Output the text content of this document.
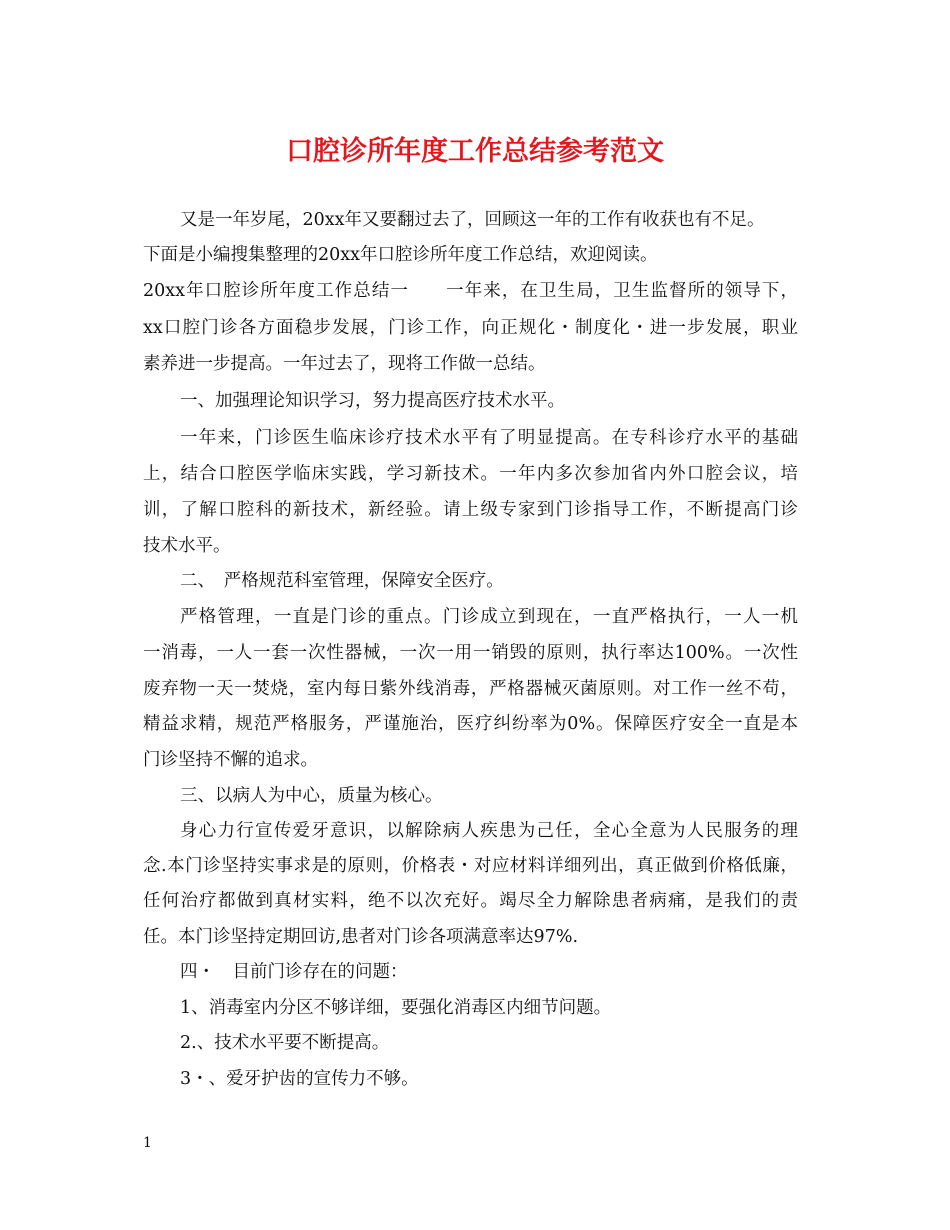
口腔诊所年度工作总结参考范文
又是一年岁尾，20xx年又要翻过去了，回顾这一年的工作有收获也有不足。
下面是小编搜集整理的20xx年口腔诊所年度工作总结，欢迎阅读。
20xx年口腔诊所年度工作总结一　　一年来，在卫生局，卫生监督所的领导下，
xx口腔门诊各方面稳步发展，门诊工作，向正规化・制度化・进一步发展，职业
素养进一步提高。一年过去了，现将工作做一总结。
一、加强理论知识学习，努力提高医疗技术水平。
一年来，门诊医生临床诊疗技术水平有了明显提高。在专科诊疗水平的基础
上，结合口腔医学临床实践，学习新技术。一年内多次参加省内外口腔会议，培
训，了解口腔科的新技术，新经验。请上级专家到门诊指导工作，不断提高门诊
技术水平。
二、　严格规范科室管理，保障安全医疗。
严格管理，一直是门诊的重点。门诊成立到现在，一直严格执行，一人一机
一消毒，一人一套一次性器械，一次一用一销毁的原则，执行率达100%。一次性
废弃物一天一焚烧，室内每日紫外线消毒，严格器械灭菌原则。对工作一丝不苟，
精益求精，规范严格服务，严谨施治，医疗纠纷率为0%。保障医疗安全一直是本
门诊坚持不懈的追求。
三、以病人为中心，质量为核心。
身心力行宣传爱牙意识，以解除病人疾患为己任，全心全意为人民服务的理
念.本门诊坚持实事求是的原则，价格表・对应材料详细列出，真正做到价格低廉，
任何治疗都做到真材实料，绝不以次充好。竭尽全力解除患者病痛，是我们的责
任。本门诊坚持定期回访,患者对门诊各项满意率达97%.
四・　目前门诊存在的问题：
1、消毒室内分区不够详细，要强化消毒区内细节问题。
2.、技术水平要不断提高。
3・、爱牙护齿的宣传力不够。
1
